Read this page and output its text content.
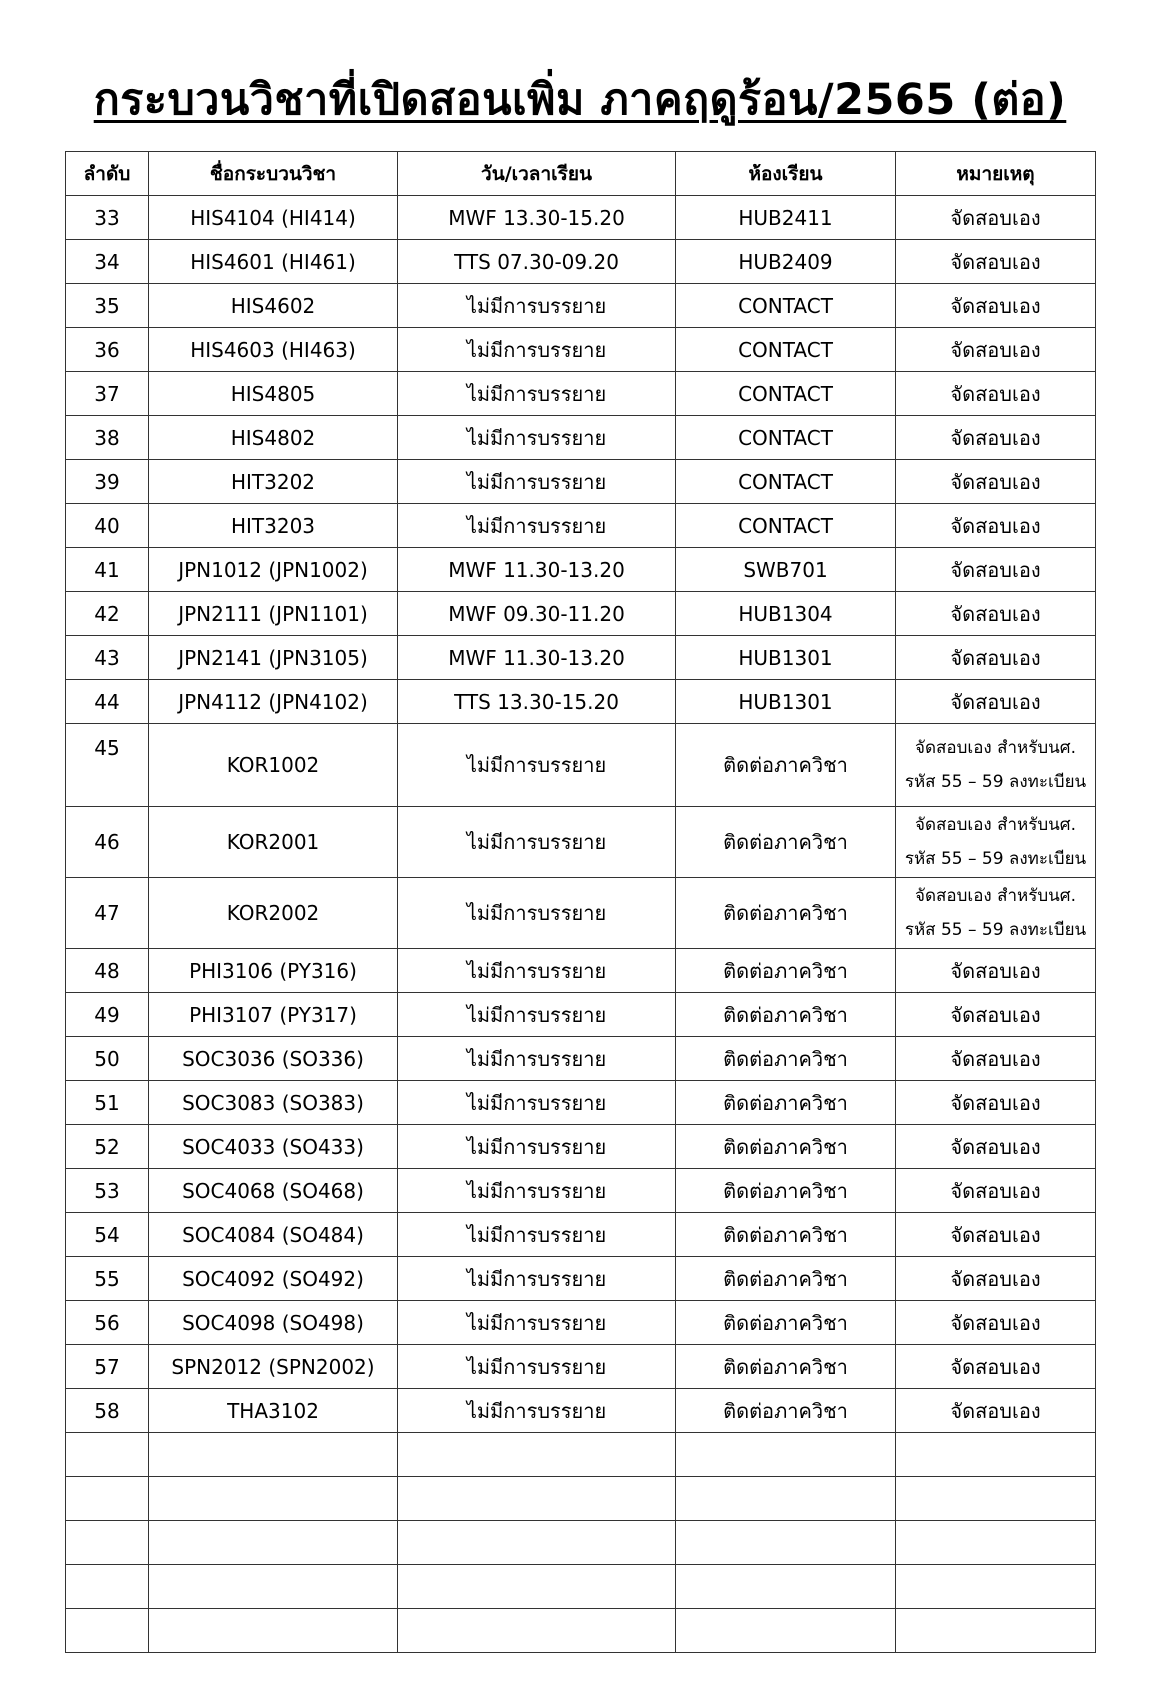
กระบวนวิชาที่เปิดสอนเพิ่ม ภาคฤดูร้อน/2565 (ต่อ)
ลำดับ	ชื่อกระบวนวิชา	วัน/เวลาเรียน	ห้องเรียน	หมายเหตุ
33	HIS4104 (HI414)	MWF 13.30-15.20	HUB2411	จัดสอบเอง
34	HIS4601 (HI461)	TTS 07.30-09.20	HUB2409	จัดสอบเอง
35	HIS4602	ไม่มีการบรรยาย	CONTACT	จัดสอบเอง
36	HIS4603 (HI463)	ไม่มีการบรรยาย	CONTACT	จัดสอบเอง
37	HIS4805	ไม่มีการบรรยาย	CONTACT	จัดสอบเอง
38	HIS4802	ไม่มีการบรรยาย	CONTACT	จัดสอบเอง
39	HIT3202	ไม่มีการบรรยาย	CONTACT	จัดสอบเอง
40	HIT3203	ไม่มีการบรรยาย	CONTACT	จัดสอบเอง
41	JPN1012 (JPN1002)	MWF 11.30-13.20	SWB701	จัดสอบเอง
42	JPN2111 (JPN1101)	MWF 09.30-11.20	HUB1304	จัดสอบเอง
43	JPN2141 (JPN3105)	MWF 11.30-13.20	HUB1301	จัดสอบเอง
44	JPN4112 (JPN4102)	TTS 13.30-15.20	HUB1301	จัดสอบเอง
45	KOR1002	ไม่มีการบรรยาย	ติดต่อภาควิชา	จัดสอบเอง สำหรับนศ.
รหัส 55 – 59 ลงทะเบียน

46	KOR2001	ไม่มีการบรรยาย	ติดต่อภาควิชา	จัดสอบเอง สำหรับนศ.
รหัส 55 – 59 ลงทะเบียน

47	KOR2002	ไม่มีการบรรยาย	ติดต่อภาควิชา	จัดสอบเอง สำหรับนศ.
รหัส 55 – 59 ลงทะเบียน

48	PHI3106 (PY316)	ไม่มีการบรรยาย	ติดต่อภาควิชา	จัดสอบเอง
49	PHI3107 (PY317)	ไม่มีการบรรยาย	ติดต่อภาควิชา	จัดสอบเอง
50	SOC3036 (SO336)	ไม่มีการบรรยาย	ติดต่อภาควิชา	จัดสอบเอง
51	SOC3083 (SO383)	ไม่มีการบรรยาย	ติดต่อภาควิชา	จัดสอบเอง
52	SOC4033 (SO433)	ไม่มีการบรรยาย	ติดต่อภาควิชา	จัดสอบเอง
53	SOC4068 (SO468)	ไม่มีการบรรยาย	ติดต่อภาควิชา	จัดสอบเอง
54	SOC4084 (SO484)	ไม่มีการบรรยาย	ติดต่อภาควิชา	จัดสอบเอง
55	SOC4092 (SO492)	ไม่มีการบรรยาย	ติดต่อภาควิชา	จัดสอบเอง
56	SOC4098 (SO498)	ไม่มีการบรรยาย	ติดต่อภาควิชา	จัดสอบเอง
57	SPN2012 (SPN2002)	ไม่มีการบรรยาย	ติดต่อภาควิชา	จัดสอบเอง
58	THA3102	ไม่มีการบรรยาย	ติดต่อภาควิชา	จัดสอบเอง
